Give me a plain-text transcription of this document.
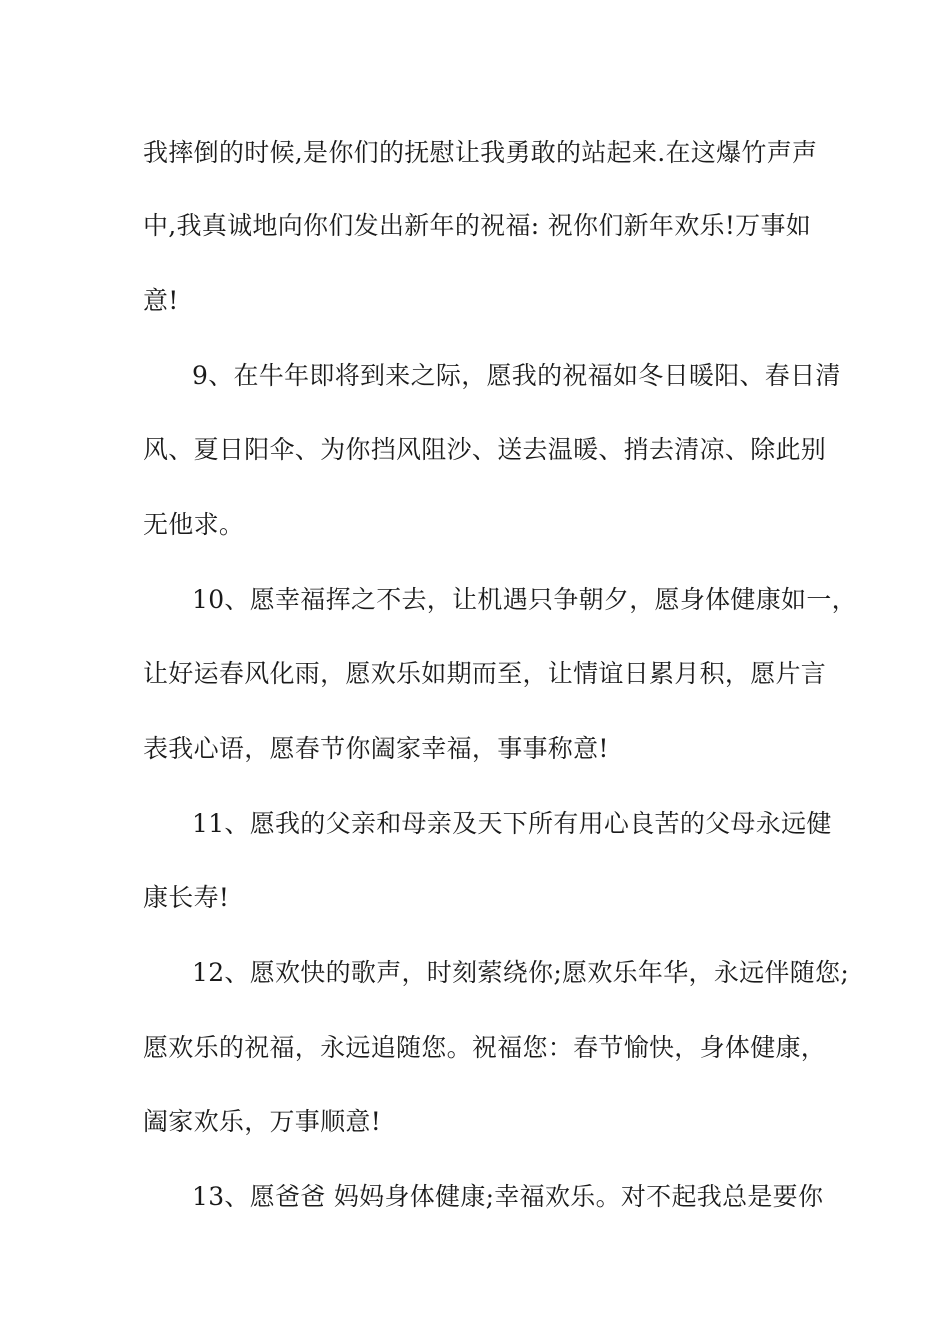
我摔倒的时候,是你们的抚慰让我勇敢的站起来.在这爆竹声声
中,我真诚地向你们发出新年的祝福: 祝你们新年欢乐!万事如
意!
9、在牛年即将到来之际，愿我的祝福如冬日暖阳、春日清
风、夏日阳伞、为你挡风阻沙、送去温暖、捎去清凉、除此别
无他求。
10、愿幸福挥之不去，让机遇只争朝夕，愿身体健康如一，
让好运春风化雨，愿欢乐如期而至，让情谊日累月积，愿片言
表我心语，愿春节你阖家幸福，事事称意!
11、愿我的父亲和母亲及天下所有用心良苦的父母永远健
康长寿!
12、愿欢快的歌声，时刻萦绕你;愿欢乐年华，永远伴随您;
愿欢乐的祝福，永远追随您。祝福您：春节愉快，身体健康，
阖家欢乐，万事顺意!
13、愿爸爸 妈妈身体健康;幸福欢乐。对不起我总是要你
